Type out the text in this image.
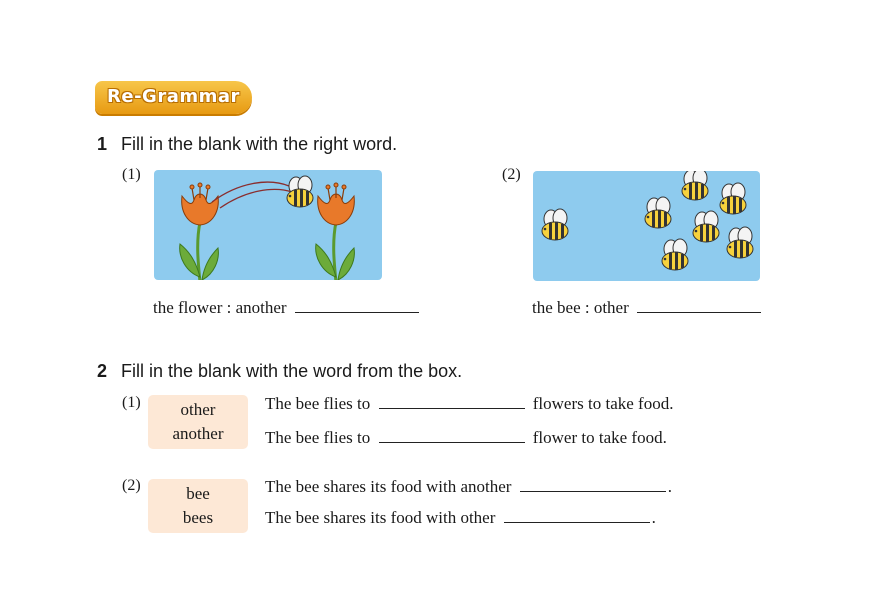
Re-Grammar
1 Fill in the blank with the right word.
(1)
the flower : another
(2)
the bee : other
2 Fill in the blank with the word from the box.
(1)	other
another
The bee flies to	flowers to take food.
The bee flies to	flower to take food.
(2)	bee
bees
The bee shares its food with another	.
The bee shares its food with other	.
